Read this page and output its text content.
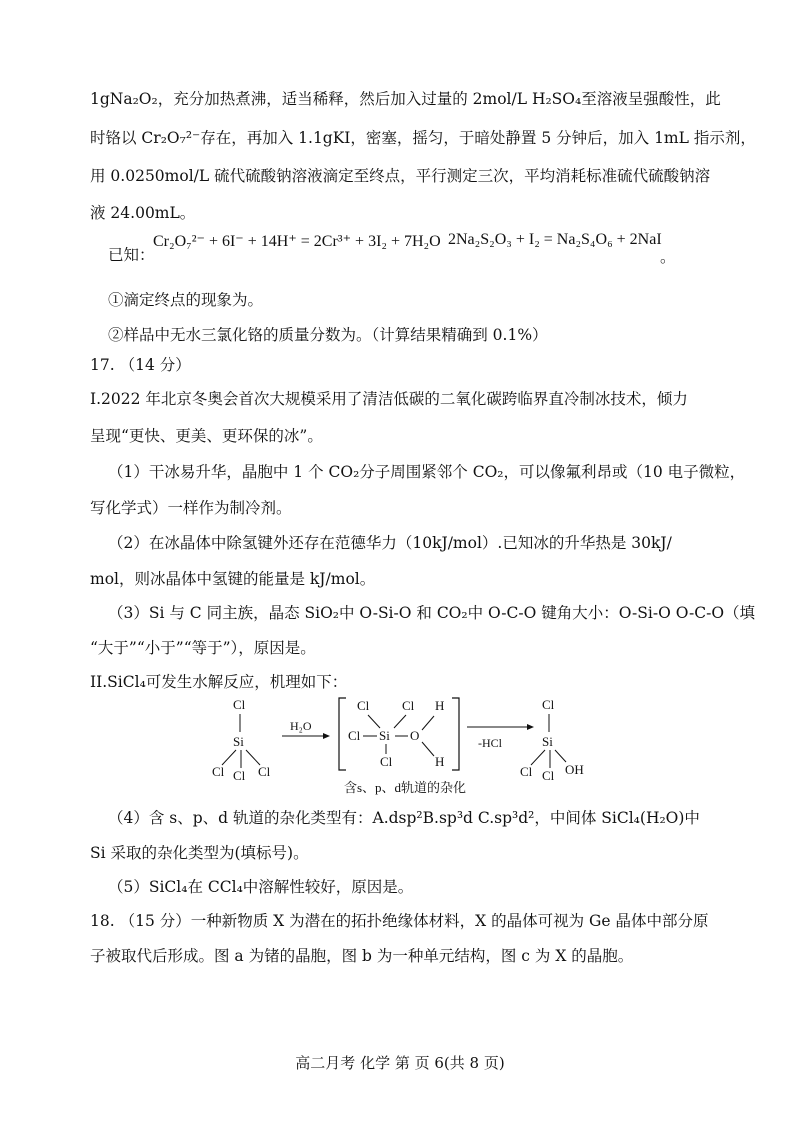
1gNa₂O₂，充分加热煮沸，适当稀释，然后加入过量的 2mol/L H₂SO₄至溶液呈强酸性，此
时铬以 Cr₂O₇²⁻存在，再加入 1.1gKI，密塞，摇匀，于暗处静置 5 分钟后，加入 1mL 指示剂，
用 0.0250mol/L 硫代硫酸钠溶液滴定至终点，平行测定三次，平均消耗标准硫代硫酸钠溶
液 24.00mL。
已知：
Cr₂O₇²⁻ + 6I⁻ + 14H⁺ = 2Cr³⁺ + 3I₂ + 7H₂O 2Na₂S₂O₃ + I₂ = Na₂S₄O₆ + 2NaI
。
①滴定终点的现象为。
②样品中无水三氯化铬的质量分数为。（计算结果精确到 0.1%）
17. （14 分）
I.2022 年北京冬奥会首次大规模采用了清洁低碳的二氧化碳跨临界直冷制冰技术，倾力
呈现“更快、更美、更环保的冰”。
（1）干冰易升华，晶胞中 1 个 CO₂分子周围紧邻个 CO₂，可以像氟利昂或（10 电子微粒，
写化学式）一样作为制冷剂。
（2）在冰晶体中除氢键外还存在范德华力（10kJ/mol）.已知冰的升华热是 30kJ/
mol，则冰晶体中氢键的能量是 kJ/mol。
（3）Si 与 C 同主族，晶态 SiO₂中 O-Si-O 和 CO₂中 O-C-O 键角大小：O-Si-O O-C-O（填
“大于”“小于”“等于”），原因是。
II.SiCl₄可发生水解反应，机理如下：
Cl
Si
Cl Cl Cl
H₂O
Cl	Cl H
Cl Si O
Cl	H
-HCl
Cl
Si
Cl Cl OH
含s、p、d轨道的杂化
（4）含 s、p、d 轨道的杂化类型有：A.dsp²B.sp³d C.sp³d²，中间体 SiCl₄(H₂O)中
Si 采取的杂化类型为(填标号)。
（5）SiCl₄在 CCl₄中溶解性较好，原因是。
18. （15 分）一种新物质 X 为潜在的拓扑绝缘体材料，X 的晶体可视为 Ge 晶体中部分原
子被取代后形成。图 a 为锗的晶胞，图 b 为一种单元结构，图 c 为 X 的晶胞。
高二月考 化学 第 页 6(共 8 页)
